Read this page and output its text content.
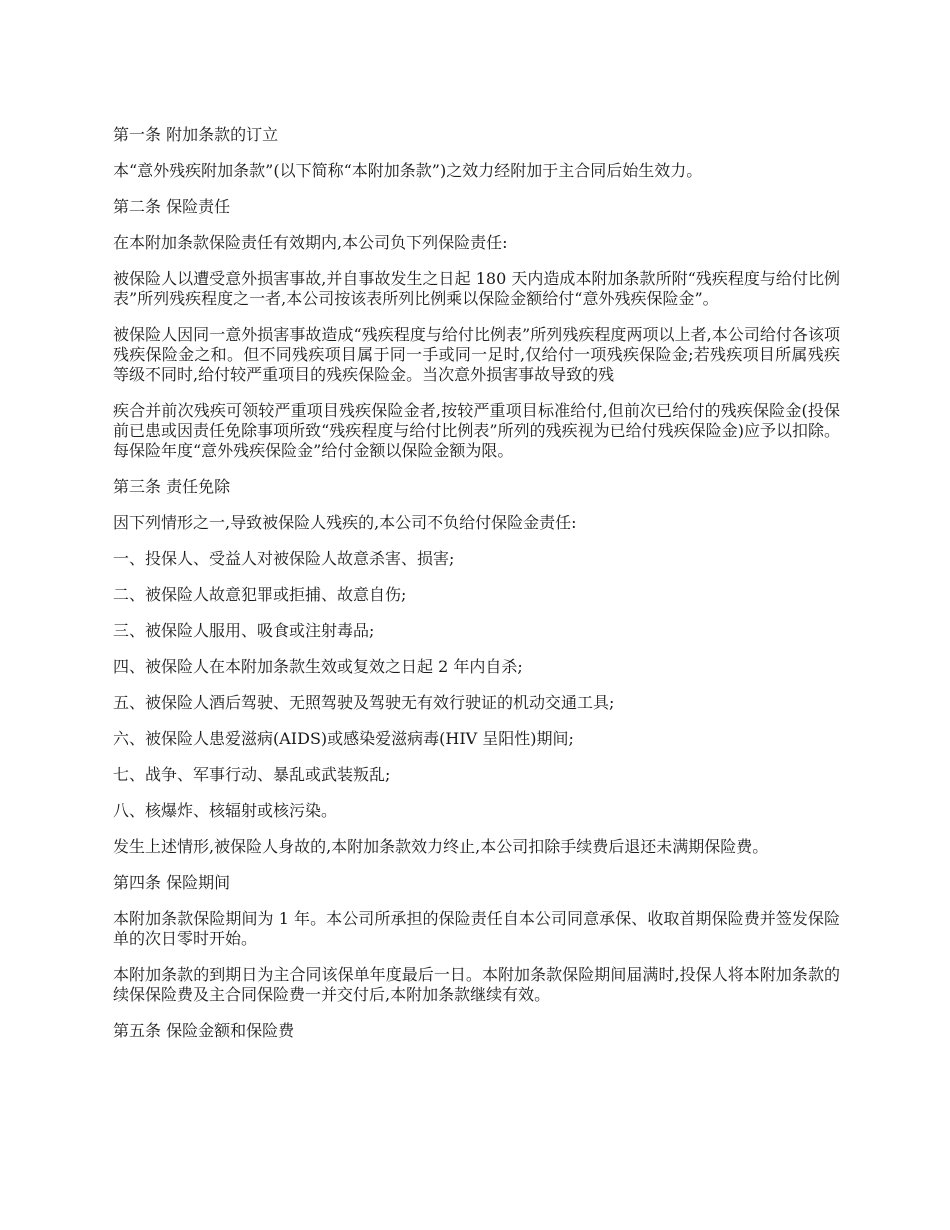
第一条 附加条款的订立

本“意外残疾附加条款”(以下简称“本附加条款”)之效力经附加于主合同后始生效力。

第二条 保险责任

在本附加条款保险责任有效期内,本公司负下列保险责任:

被保险人以遭受意外损害事故,并自事故发生之日起 180 天内造成本附加条款所附“残疾程度与给付比例表”所列残疾程度之一者,本公司按该表所列比例乘以保险金额给付“意外残疾保险金”。

被保险人因同一意外损害事故造成“残疾程度与给付比例表”所列残疾程度两项以上者,本公司给付各该项残疾保险金之和。但不同残疾项目属于同一手或同一足时,仅给付一项残疾保险金;若残疾项目所属残疾等级不同时,给付较严重项目的残疾保险金。当次意外损害事故导致的残

疾合并前次残疾可领较严重项目残疾保险金者,按较严重项目标准给付,但前次已给付的残疾保险金(投保前已患或因责任免除事项所致“残疾程度与给付比例表”所列的残疾视为已给付残疾保险金)应予以扣除。每保险年度“意外残疾保险金”给付金额以保险金额为限。

第三条 责任免除

因下列情形之一,导致被保险人残疾的,本公司不负给付保险金责任:

一、投保人、受益人对被保险人故意杀害、损害;

二、被保险人故意犯罪或拒捕、故意自伤;

三、被保险人服用、吸食或注射毒品;

四、被保险人在本附加条款生效或复效之日起 2 年内自杀;

五、被保险人酒后驾驶、无照驾驶及驾驶无有效行驶证的机动交通工具;

六、被保险人患爱滋病(AIDS)或感染爱滋病毒(HIV 呈阳性)期间;

七、战争、军事行动、暴乱或武装叛乱;

八、核爆炸、核辐射或核污染。

发生上述情形,被保险人身故的,本附加条款效力终止,本公司扣除手续费后退还未满期保险费。

第四条 保险期间

本附加条款保险期间为 1 年。本公司所承担的保险责任自本公司同意承保、收取首期保险费并签发保险单的次日零时开始。

本附加条款的到期日为主合同该保单年度最后一日。本附加条款保险期间届满时,投保人将本附加条款的续保保险费及主合同保险费一并交付后,本附加条款继续有效。

第五条 保险金额和保险费
